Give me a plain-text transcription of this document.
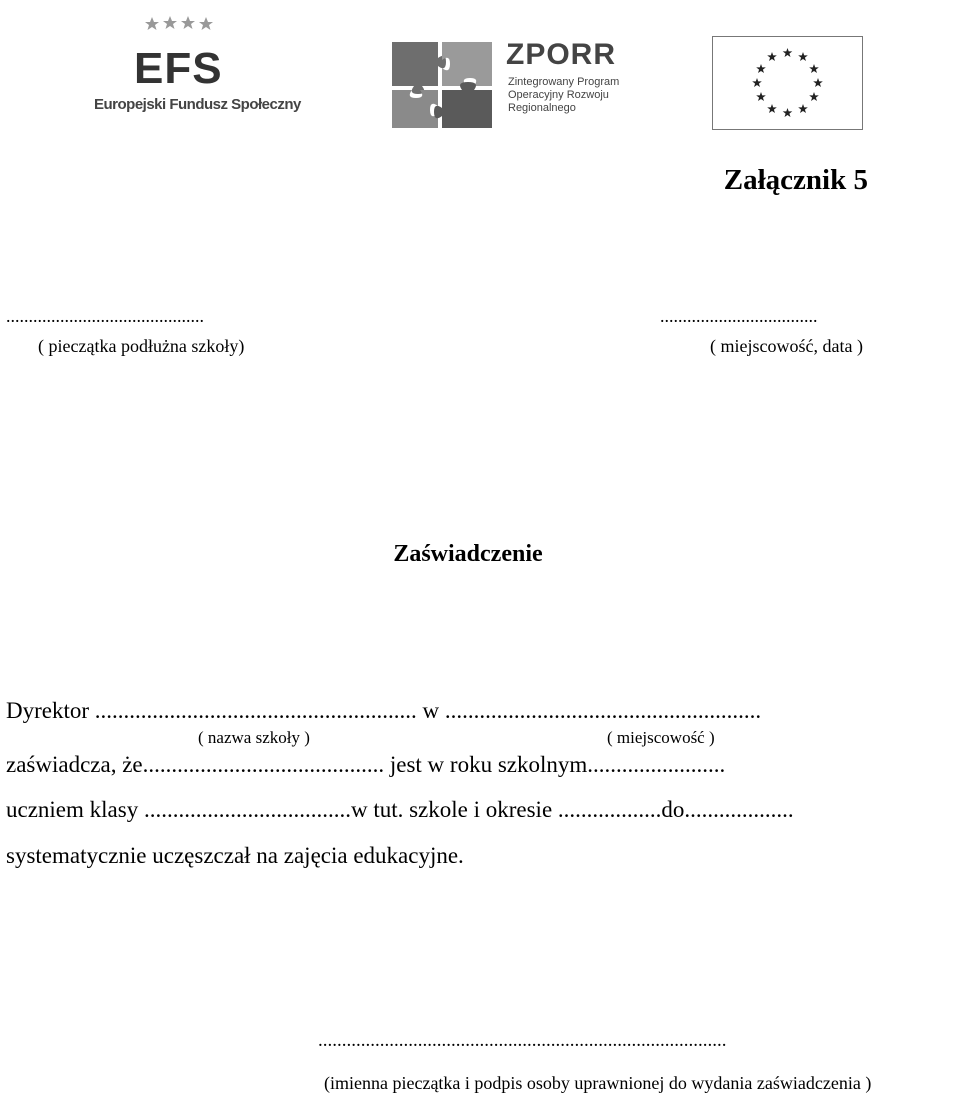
EFS
Europejski Fundusz Społeczny
ZPORR
Zintegrowany Program Operacyjny Rozwoju Regionalnego
Załącznik 5
............................................
( pieczątka podłużna szkoły)
...................................
( miejscowość, data )
Zaświadczenie
Dyrektor ........................................................ w .......................................................
( nazwa szkoły )	( miejscowość )
zaświadcza, że.......................................... jest w roku szkolnym........................
uczniem klasy ....................................w tut. szkole i okresie ..................do...................
systematycznie uczęszczał na zajęcia edukacyjne.
......................................................................................
(imienna pieczątka i podpis osoby uprawnionej do wydania zaświadczenia )
